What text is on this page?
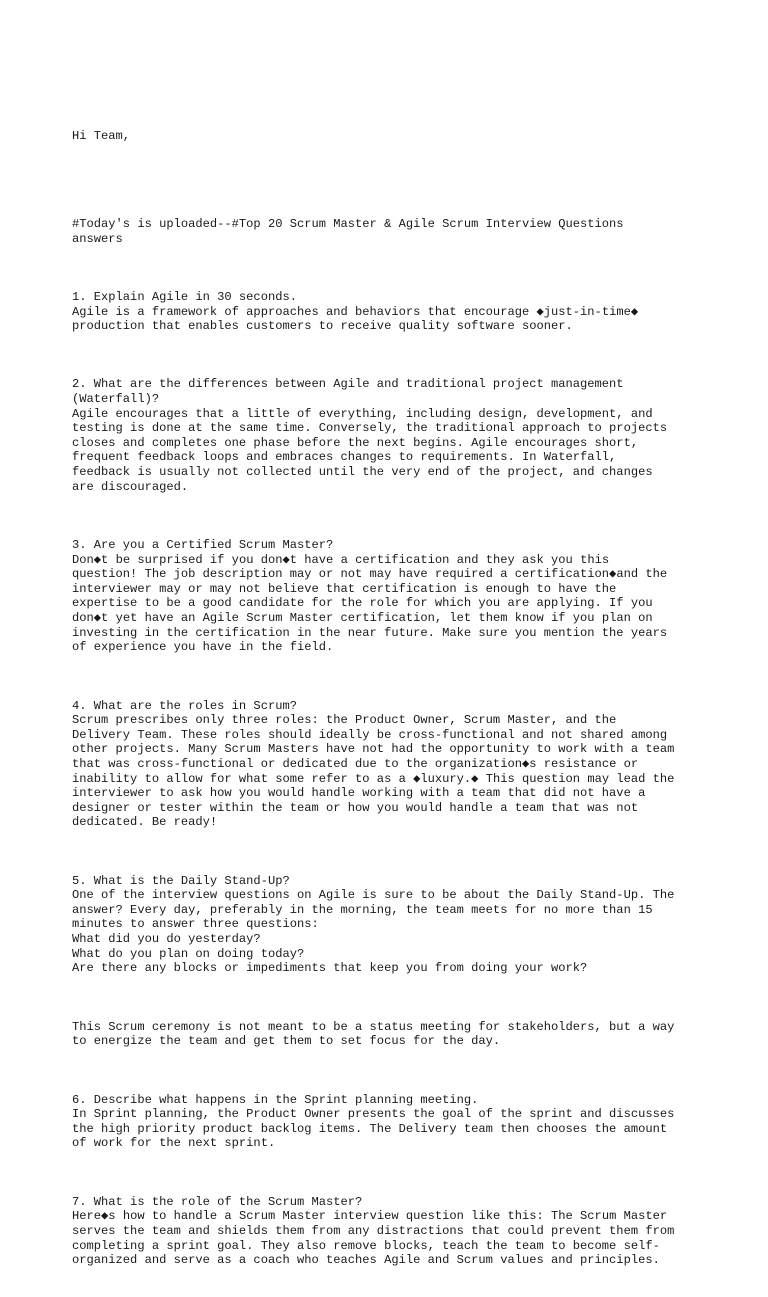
Hi Team,

#Today's is uploaded--#Top 20 Scrum Master & Agile Scrum Interview Questions
answers

1. Explain Agile in 30 seconds.
Agile is a framework of approaches and behaviors that encourage ◆just-in-time◆
production that enables customers to receive quality software sooner.

2. What are the differences between Agile and traditional project management
(Waterfall)?
Agile encourages that a little of everything, including design, development, and
testing is done at the same time. Conversely, the traditional approach to projects
closes and completes one phase before the next begins. Agile encourages short,
frequent feedback loops and embraces changes to requirements. In Waterfall,
feedback is usually not collected until the very end of the project, and changes
are discouraged.

3. Are you a Certified Scrum Master?
Don◆t be surprised if you don◆t have a certification and they ask you this
question! The job description may or not may have required a certification◆and the
interviewer may or may not believe that certification is enough to have the
expertise to be a good candidate for the role for which you are applying. If you
don◆t yet have an Agile Scrum Master certification, let them know if you plan on
investing in the certification in the near future. Make sure you mention the years
of experience you have in the field.

4. What are the roles in Scrum?
Scrum prescribes only three roles: the Product Owner, Scrum Master, and the
Delivery Team. These roles should ideally be cross-functional and not shared among
other projects. Many Scrum Masters have not had the opportunity to work with a team
that was cross-functional or dedicated due to the organization◆s resistance or
inability to allow for what some refer to as a ◆luxury.◆ This question may lead the
interviewer to ask how you would handle working with a team that did not have a
designer or tester within the team or how you would handle a team that was not
dedicated. Be ready!

5. What is the Daily Stand-Up?
One of the interview questions on Agile is sure to be about the Daily Stand-Up. The
answer? Every day, preferably in the morning, the team meets for no more than 15
minutes to answer three questions:
What did you do yesterday?
What do you plan on doing today?
Are there any blocks or impediments that keep you from doing your work?

This Scrum ceremony is not meant to be a status meeting for stakeholders, but a way
to energize the team and get them to set focus for the day.

6. Describe what happens in the Sprint planning meeting.
In Sprint planning, the Product Owner presents the goal of the sprint and discusses
the high priority product backlog items. The Delivery team then chooses the amount
of work for the next sprint.

7. What is the role of the Scrum Master?
Here◆s how to handle a Scrum Master interview question like this: The Scrum Master
serves the team and shields them from any distractions that could prevent them from
completing a sprint goal. They also remove blocks, teach the team to become self-
organized and serve as a coach who teaches Agile and Scrum values and principles.
